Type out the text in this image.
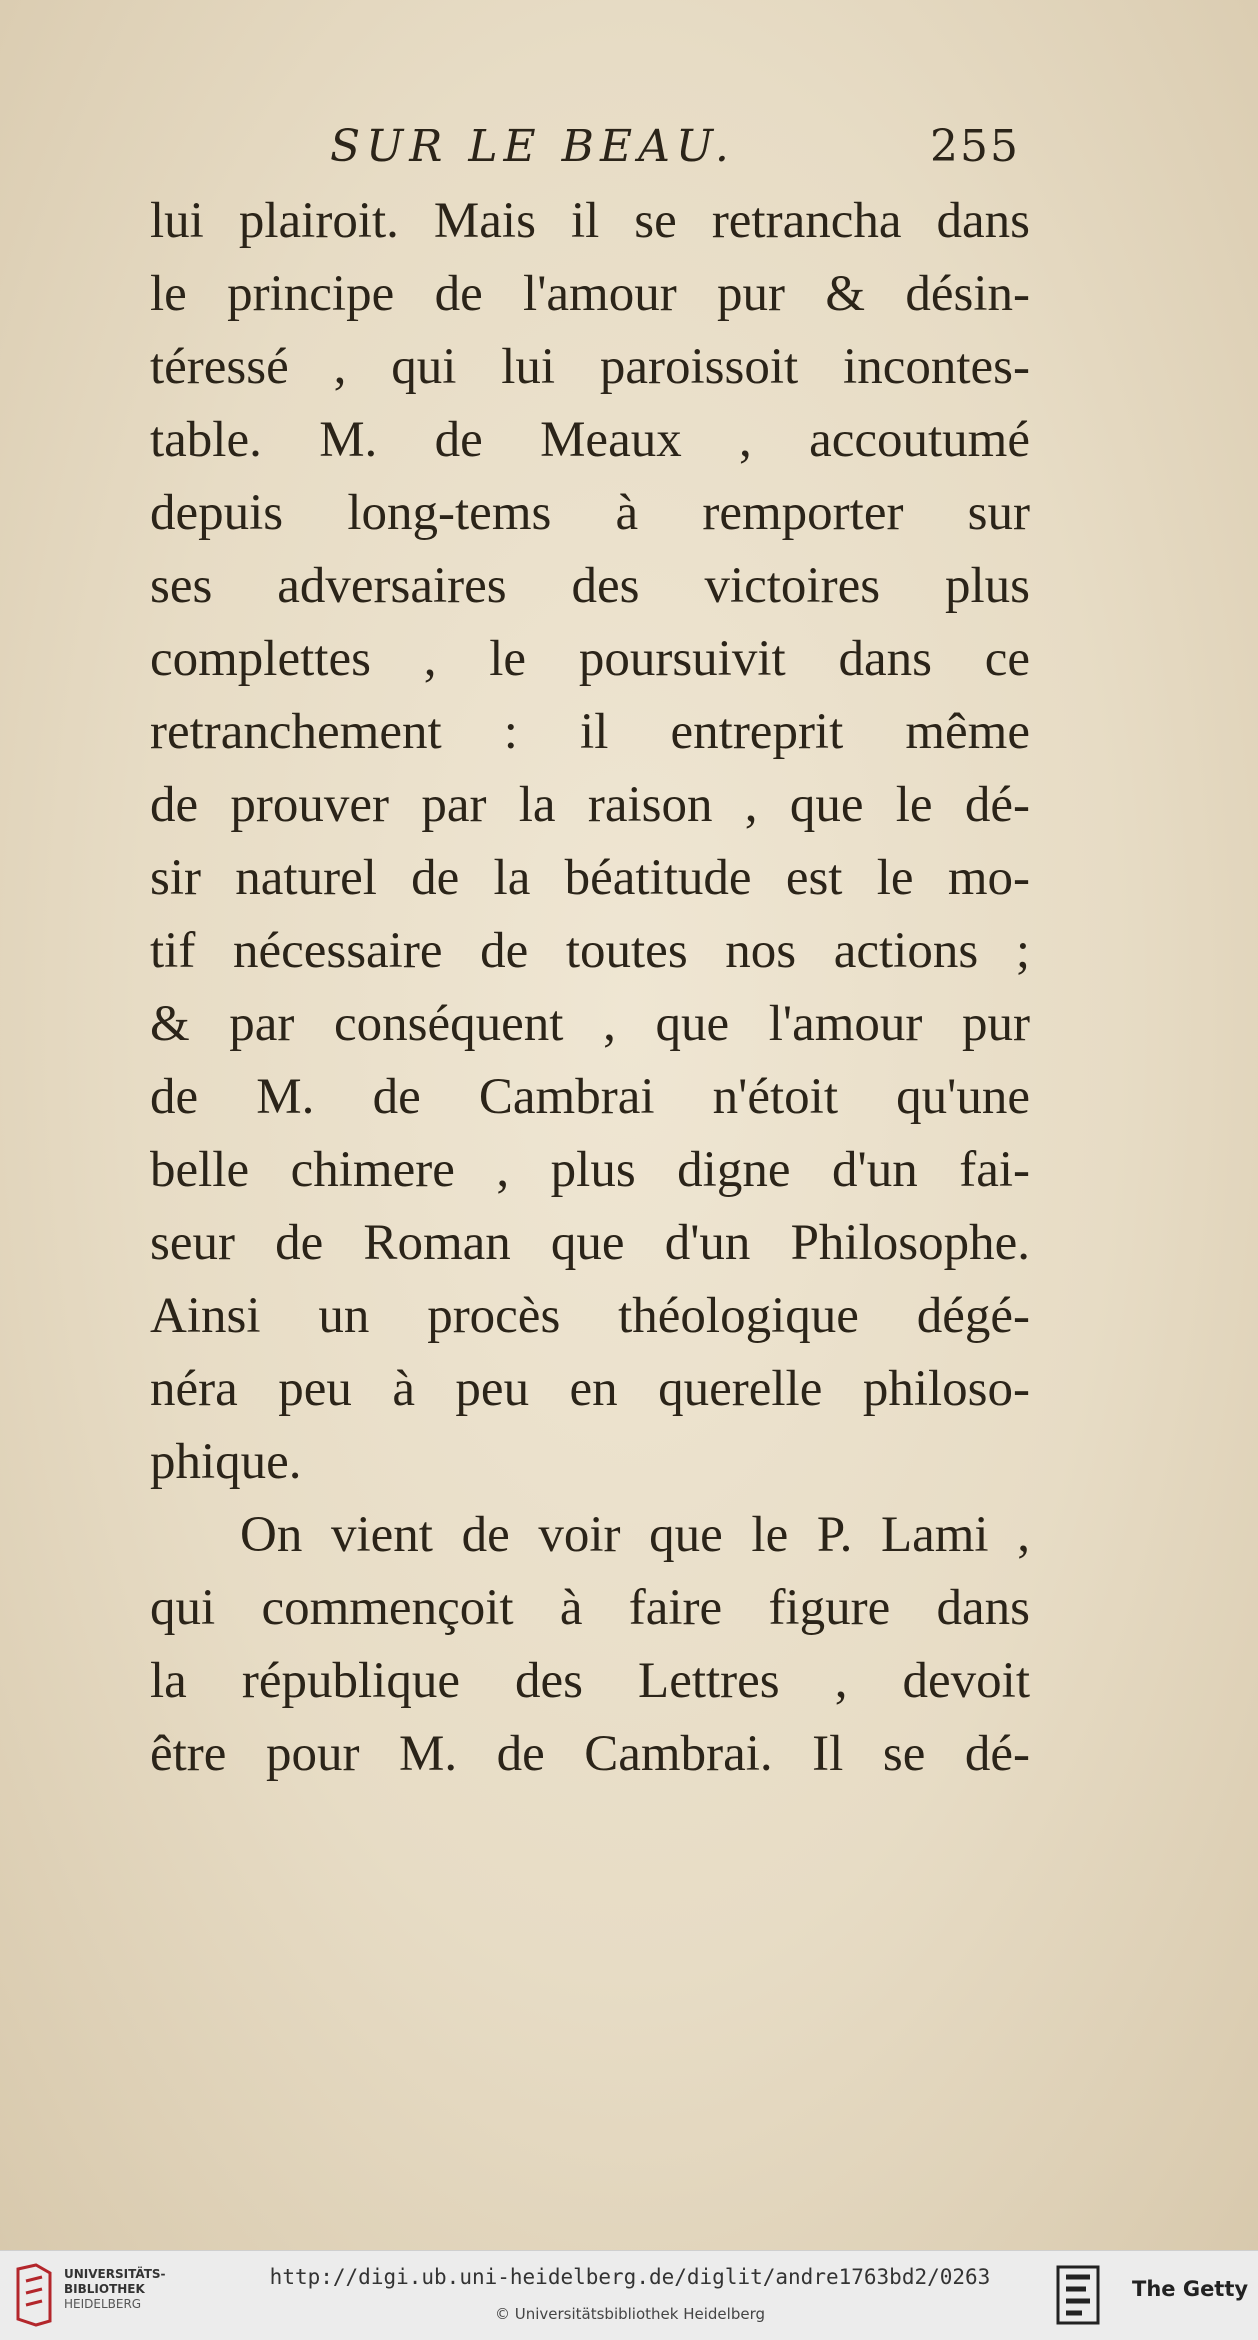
SUR LE BEAU.	255
lui plairoit. Mais il se retrancha dans
le principe de l'amour pur & désin-
téressé , qui lui paroissoit incontes-
table. M. de Meaux , accoutumé
depuis long-tems à remporter sur
ses adversaires des victoires plus
complettes , le poursuivit dans ce
retranchement : il entreprit même
de prouver par la raison , que le dé-
sir naturel de la béatitude est le mo-
tif nécessaire de toutes nos actions ;
& par conséquent , que l'amour pur
de M. de Cambrai n'étoit qu'une
belle chimere , plus digne d'un fai-
seur de Roman que d'un Philosophe.
Ainsi un procès théologique dégé-
néra peu à peu en querelle philoso-
phique.
On vient de voir que le P. Lami ,
qui commençoit à faire figure dans
la république des Lettres , devoit
être pour M. de Cambrai. Il se dé-
UNIVERSITÄTS-
BIBLIOTHEK
HEIDELBERG
http://digi.ub.uni-heidelberg.de/diglit/andre1763bd2/0263
© Universitätsbibliothek Heidelberg
The Getty
